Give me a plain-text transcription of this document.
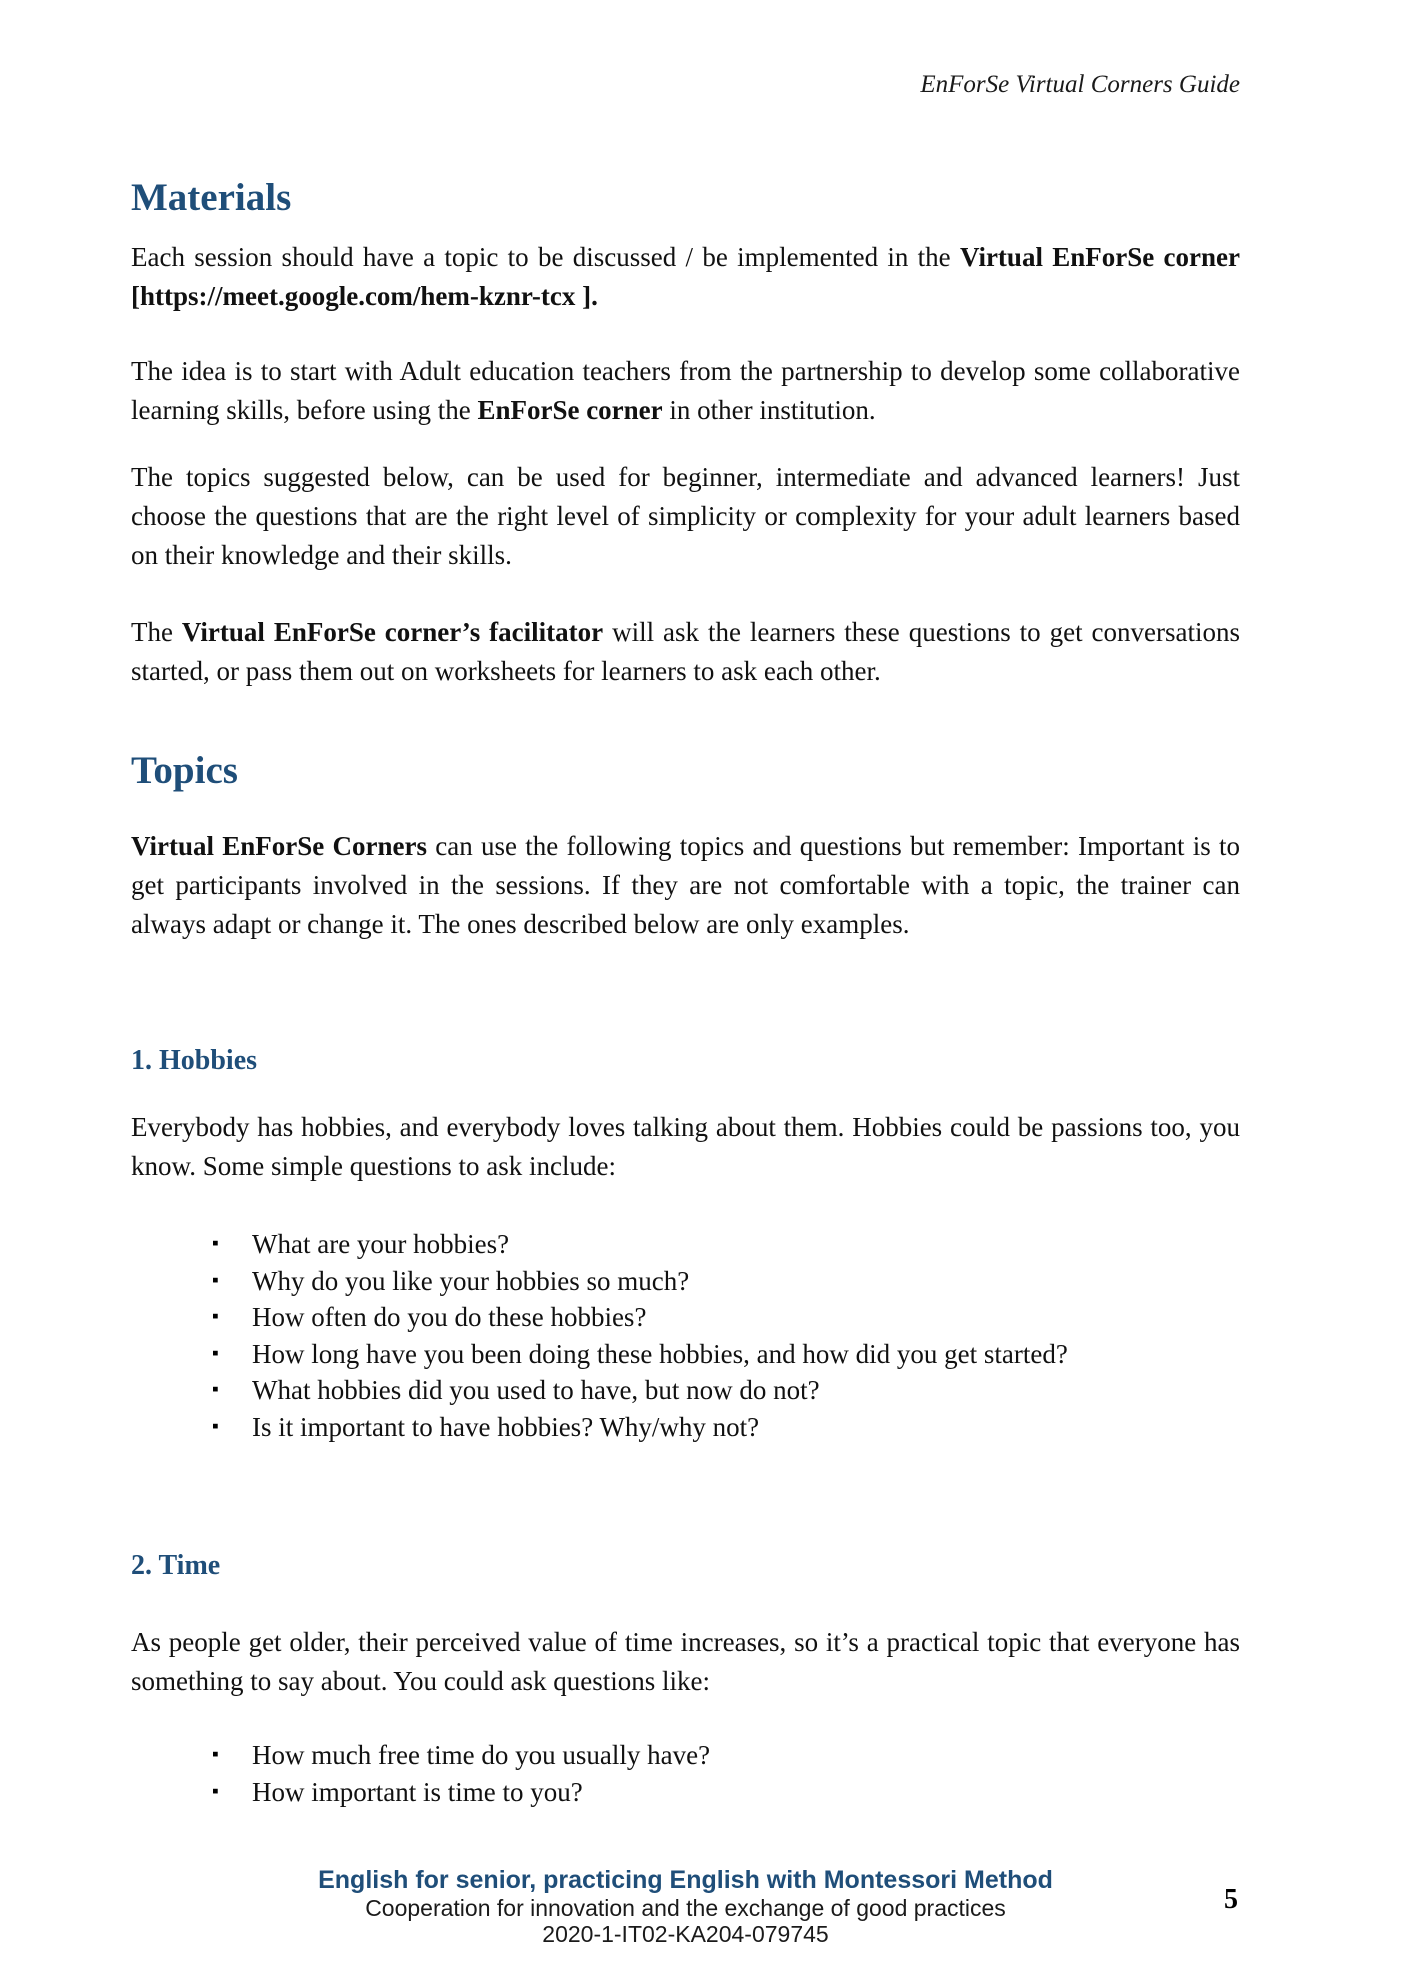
EnForSe Virtual Corners Guide
Materials

Each session should have a topic to be discussed / be implemented in the Virtual EnForSe corner [https://meet.google.com/hem-kznr-tcx ].

The idea is to start with Adult education teachers from the partnership to develop some collaborative learning skills, before using the EnForSe corner in other institution.

The topics suggested below, can be used for beginner, intermediate and advanced learners! Just choose the questions that are the right level of simplicity or complexity for your adult learners based on their knowledge and their skills.

The Virtual EnForSe corner’s facilitator will ask the learners these questions to get conversations started, or pass them out on worksheets for learners to ask each other.

Topics

Virtual EnForSe Corners can use the following topics and questions but remember: Important is to get participants involved in the sessions. If they are not comfortable with a topic, the trainer can always adapt or change it. The ones described below are only examples.

1. Hobbies

Everybody has hobbies, and everybody loves talking about them. Hobbies could be passions too, you know. Some simple questions to ask include:

▪ What are your hobbies?
▪ Why do you like your hobbies so much?
▪ How often do you do these hobbies?
▪ How long have you been doing these hobbies, and how did you get started?
▪ What hobbies did you used to have, but now do not?
▪ Is it important to have hobbies? Why/why not?
2. Time

As people get older, their perceived value of time increases, so it’s a practical topic that everyone has something to say about. You could ask questions like:

▪ How much free time do you usually have?
▪ How important is time to you?
English for senior, practicing English with Montessori Method
Cooperation for innovation and the exchange of good practices
2020-1-IT02-KA204-079745
5
